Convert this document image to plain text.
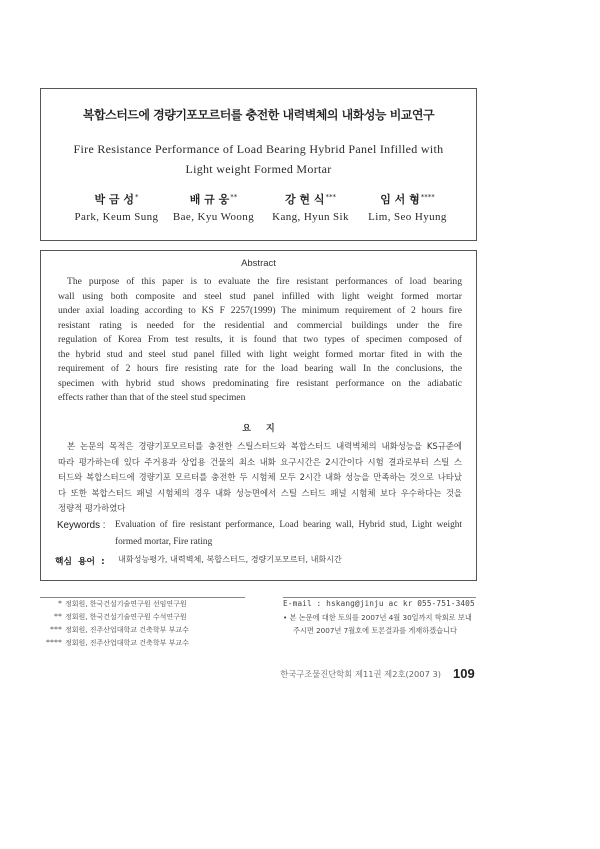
복합스터드에 경량기포모르터를 충전한 내력벽체의 내화성능 비교연구
Fire Resistance Performance of Load Bearing Hybrid Panel Infilled with
Light weight Formed Mortar
박 금 성*	배 규 웅**	강 현 식***	임 서 형****
Park, Keum Sung	Bae, Kyu Woong	Kang, Hyun Sik	Lim, Seo Hyung
Abstract
The purpose of this paper is to evaluate the fire resistant performances of load bearing
wall using both composite and steel stud panel infilled with light weight formed mortar
under axial loading according to KS F 2257(1999) The minimum requirement of 2 hours fire
resistant rating is needed for the residential and commercial buildings under the fire
regulation of Korea From test results, it is found that two types of specimen composed of
the hybrid stud and steel stud panel filled with light weight formed mortar fited in with the
requirement of 2 hours fire resisting rate for the load bearing wall In the conclusions, the
specimen with hybrid stud shows predominating fire resistant performance on the adiabatic
effects rather than that of the steel stud specimen
요 지
본 논문의 목적은 경량기포모르터를 충전한 스틸스터드와 복합스터드 내력벽체의 내화성능을 KS규준에
따라 평가하는데 있다 주거용과 상업용 건물의 최소 내화 요구시간은 2시간이다 시험 결과로부터 스틸 스
터드와 복합스터드에 경량기포 모르터를 충전한 두 시험체 모두 2시간 내화 성능을 만족하는 것으로 나타났
다 또한 복합스터드 패널 시험체의 경우 내화 성능면에서 스틸 스터드 패널 시험체 보다 우수하다는 것을
정량적 평가하였다
Keywords : Evaluation of fire resistant performance, Load bearing wall, Hybrid stud, Light weight
formed mortar, Fire rating
핵심 용어 : 내화성능평가, 내력벽체, 복합스터드, 경량기포모르터, 내화시간
* 정회원, 한국건설기술연구원 선임연구원
** 정회원, 한국건설기술연구원 수석연구원
*** 정회원, 진주산업대학교 건축학부 부교수
**** 정회원, 진주산업대학교 건축학부 부교수
E-mail : hskang@jinju ac kr 055-751-3405
• 본 논문에 대한 토의를 2007년 4월 30일까지 학회로 보내
주시면 2007년 7월호에 토론결과를 게재하겠습니다
한국구조물진단학회 제11권 제2호(2007 3) 109
